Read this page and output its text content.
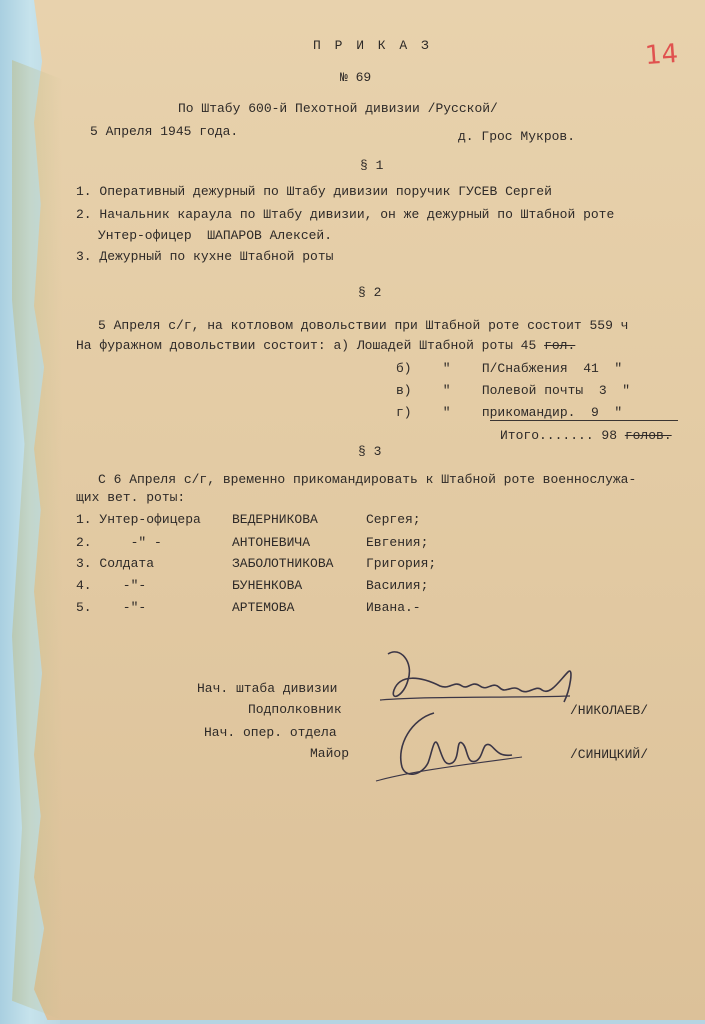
14
П Р И К А З
№ 69
По Штабу 600-й Пехотной дивизии /Русской/
5 Апреля 1945 года.	д. Грос Мукров.
§ 1
1. Оперативный дежурный по Штабу дивизии поручик ГУСЕВ Сергей
2. Начальник караула по Штабу дивизии, он же дежурный по Штабной роте
Унтер-офицер  ШАПАРОВ Алексей.
3. Дежурный по кухне Штабной роты
§ 2
5 Апреля с/г, на котловом довольствии при Штабной роте состоит 559 ч
На фуражном довольствии состоит: а) Лошадей Штабной роты 45 гол.
б)    "    П/Снабжения  41  "
в)    "    Полевой почты  3  "
г)    "    прикомандир.  9  "
Итого....... 98 голов.
§ 3
С 6 Апреля с/г, временно прикомандировать к Штабной роте военнослужа-
щих вет. роты:
1. Унтер-офицера ВЕДЕРНИКОВА	Сергея;
2.     -" -	АНТОНЕВИЧА	Евгения;
3. Солдата	ЗАБОЛОТНИКОВА	Григория;
4.    -"-	БУНЕНКОВА	Василия;
5.    -"-	АРТЕМОВА	Ивана.-
Нач. штаба дивизии
Подполковник	/НИКОЛАЕВ/
Нач. опер. отдела
Майор	/СИНИЦКИЙ/
